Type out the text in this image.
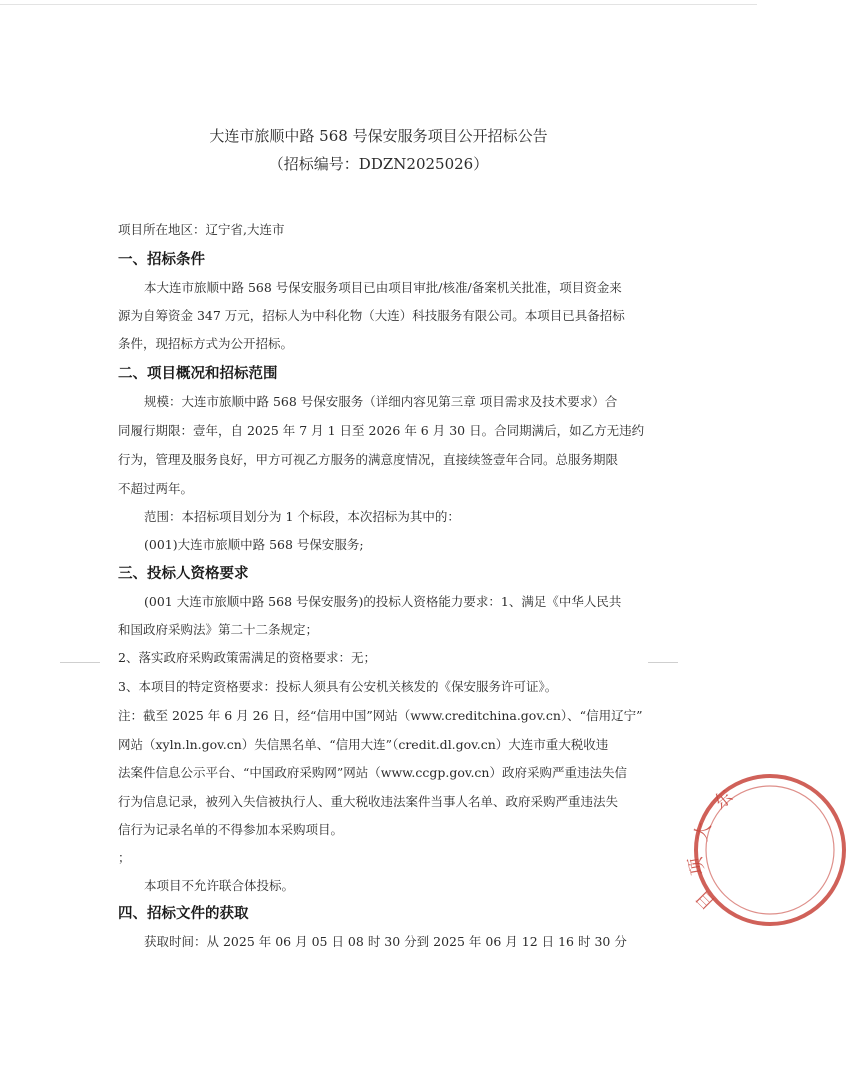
大连市旅顺中路 568 号保安服务项目公开招标公告
（招标编号：DDZN2025026）
项目所在地区：辽宁省,大连市
一、招标条件
本大连市旅顺中路 568 号保安服务项目已由项目审批/核准/备案机关批准，项目资金来
源为自筹资金 347 万元，招标人为中科化物（大连）科技服务有限公司。本项目已具备招标
条件，现招标方式为公开招标。
二、项目概况和招标范围
规模：大连市旅顺中路 568 号保安服务（详细内容见第三章 项目需求及技术要求）合
同履行期限：壹年，自 2025 年 7 月 1 日至 2026 年 6 月 30 日。合同期满后，如乙方无违约
行为，管理及服务良好，甲方可视乙方服务的满意度情况，直接续签壹年合同。总服务期限
不超过两年。
范围：本招标项目划分为 1 个标段，本次招标为其中的：
(001)大连市旅顺中路 568 号保安服务;
三、投标人资格要求
(001 大连市旅顺中路 568 号保安服务)的投标人资格能力要求：1、满足《中华人民共
和国政府采购法》第二十二条规定；
2、落实政府采购政策需满足的资格要求：无；
3、本项目的特定资格要求：投标人须具有公安机关核发的《保安服务许可证》。
注：截至 2025 年 6 月 26 日，经“信用中国”网站（www.creditchina.gov.cn）、“信用辽宁”
网站（xyln.ln.gov.cn）失信黑名单、“信用大连”（credit.dl.gov.cn）大连市重大税收违
法案件信息公示平台、“中国政府采购网”网站（www.ccgp.gov.cn）政府采购严重违法失信
行为信息记录，被列入失信被执行人、重大税收违法案件当事人名单、政府采购严重违法失
信行为记录名单的不得参加本采购项目。
；
本项目不允许联合体投标。
四、招标文件的获取
获取时间：从 2025 年 06 月 05 日 08 时 30 分到 2025 年 06 月 12 日 16 时 30 分
东
大
项
目
